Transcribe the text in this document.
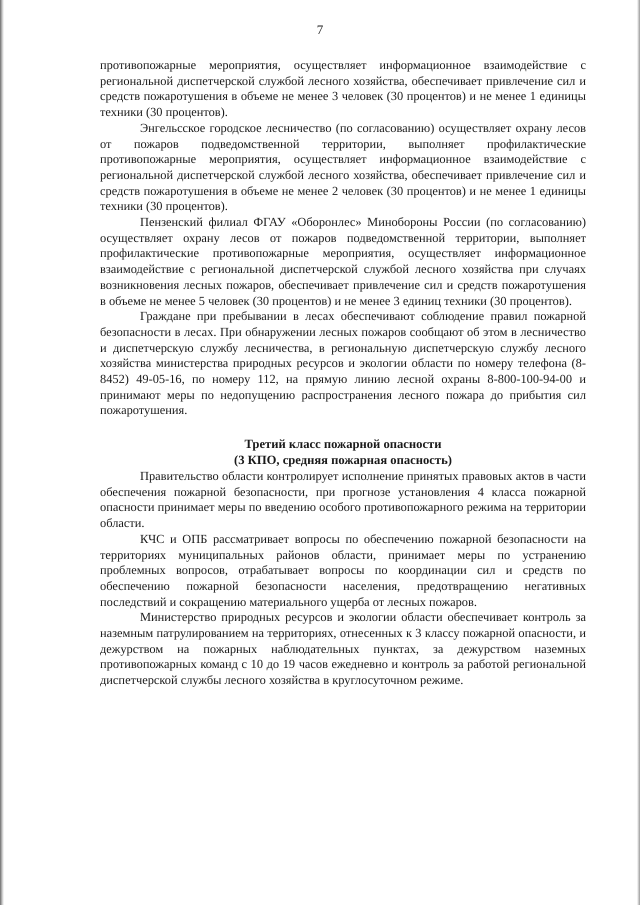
7

противопожарные мероприятия, осуществляет информационное взаимодействие с региональной диспетчерской службой лесного хозяйства, обеспечивает привлечение сил и средств пожаротушения в объеме не менее 3 человек (30 процентов) и не менее 1 единицы техники (30 процентов).

Энгельсское городское лесничество (по согласованию) осуществляет охрану лесов от пожаров подведомственной территории, выполняет профилактические противопожарные мероприятия, осуществляет информационное взаимодействие с региональной диспетчерской службой лесного хозяйства, обеспечивает привлечение сил и средств пожаротушения в объеме не менее 2 человек (30 процентов) и не менее 1 единицы техники (30 процентов).

Пензенский филиал ФГАУ «Оборонлес» Минобороны России (по согласованию) осуществляет охрану лесов от пожаров подведомственной территории, выполняет профилактические противопожарные мероприятия, осуществляет информационное взаимодействие с региональной диспетчерской службой лесного хозяйства при случаях возникновения лесных пожаров, обеспечивает привлечение сил и средств пожаротушения в объеме не менее 5 человек (30 процентов) и не менее 3 единиц техники (30 процентов).

Граждане при пребывании в лесах обеспечивают соблюдение правил пожарной безопасности в лесах. При обнаружении лесных пожаров сообщают об этом в лесничество и диспетчерскую службу лесничества, в региональную диспетчерскую службу лесного хозяйства министерства природных ресурсов и экологии области по номеру телефона (8-8452) 49-05-16, по номеру 112, на прямую линию лесной охраны 8-800-100-94-00 и принимают меры по недопущению распространения лесного пожара до прибытия сил пожаротушения.

Третий класс пожарной опасности

(3 КПО, средняя пожарная опасность)

Правительство области контролирует исполнение принятых правовых актов в части обеспечения пожарной безопасности, при прогнозе установления 4 класса пожарной опасности принимает меры по введению особого противопожарного режима на территории области.

КЧС и ОПБ рассматривает вопросы по обеспечению пожарной безопасности на территориях муниципальных районов области, принимает меры по устранению проблемных вопросов, отрабатывает вопросы по координации сил и средств по обеспечению пожарной безопасности населения, предотвращению негативных последствий и сокращению материального ущерба от лесных пожаров.

Министерство природных ресурсов и экологии области обеспечивает контроль за наземным патрулированием на территориях, отнесенных к 3 классу пожарной опасности, и дежурством на пожарных наблюдательных пунктах, за дежурством наземных противопожарных команд с 10 до 19 часов ежедневно и контроль за работой региональной диспетчерской службы лесного хозяйства в круглосуточном режиме.
